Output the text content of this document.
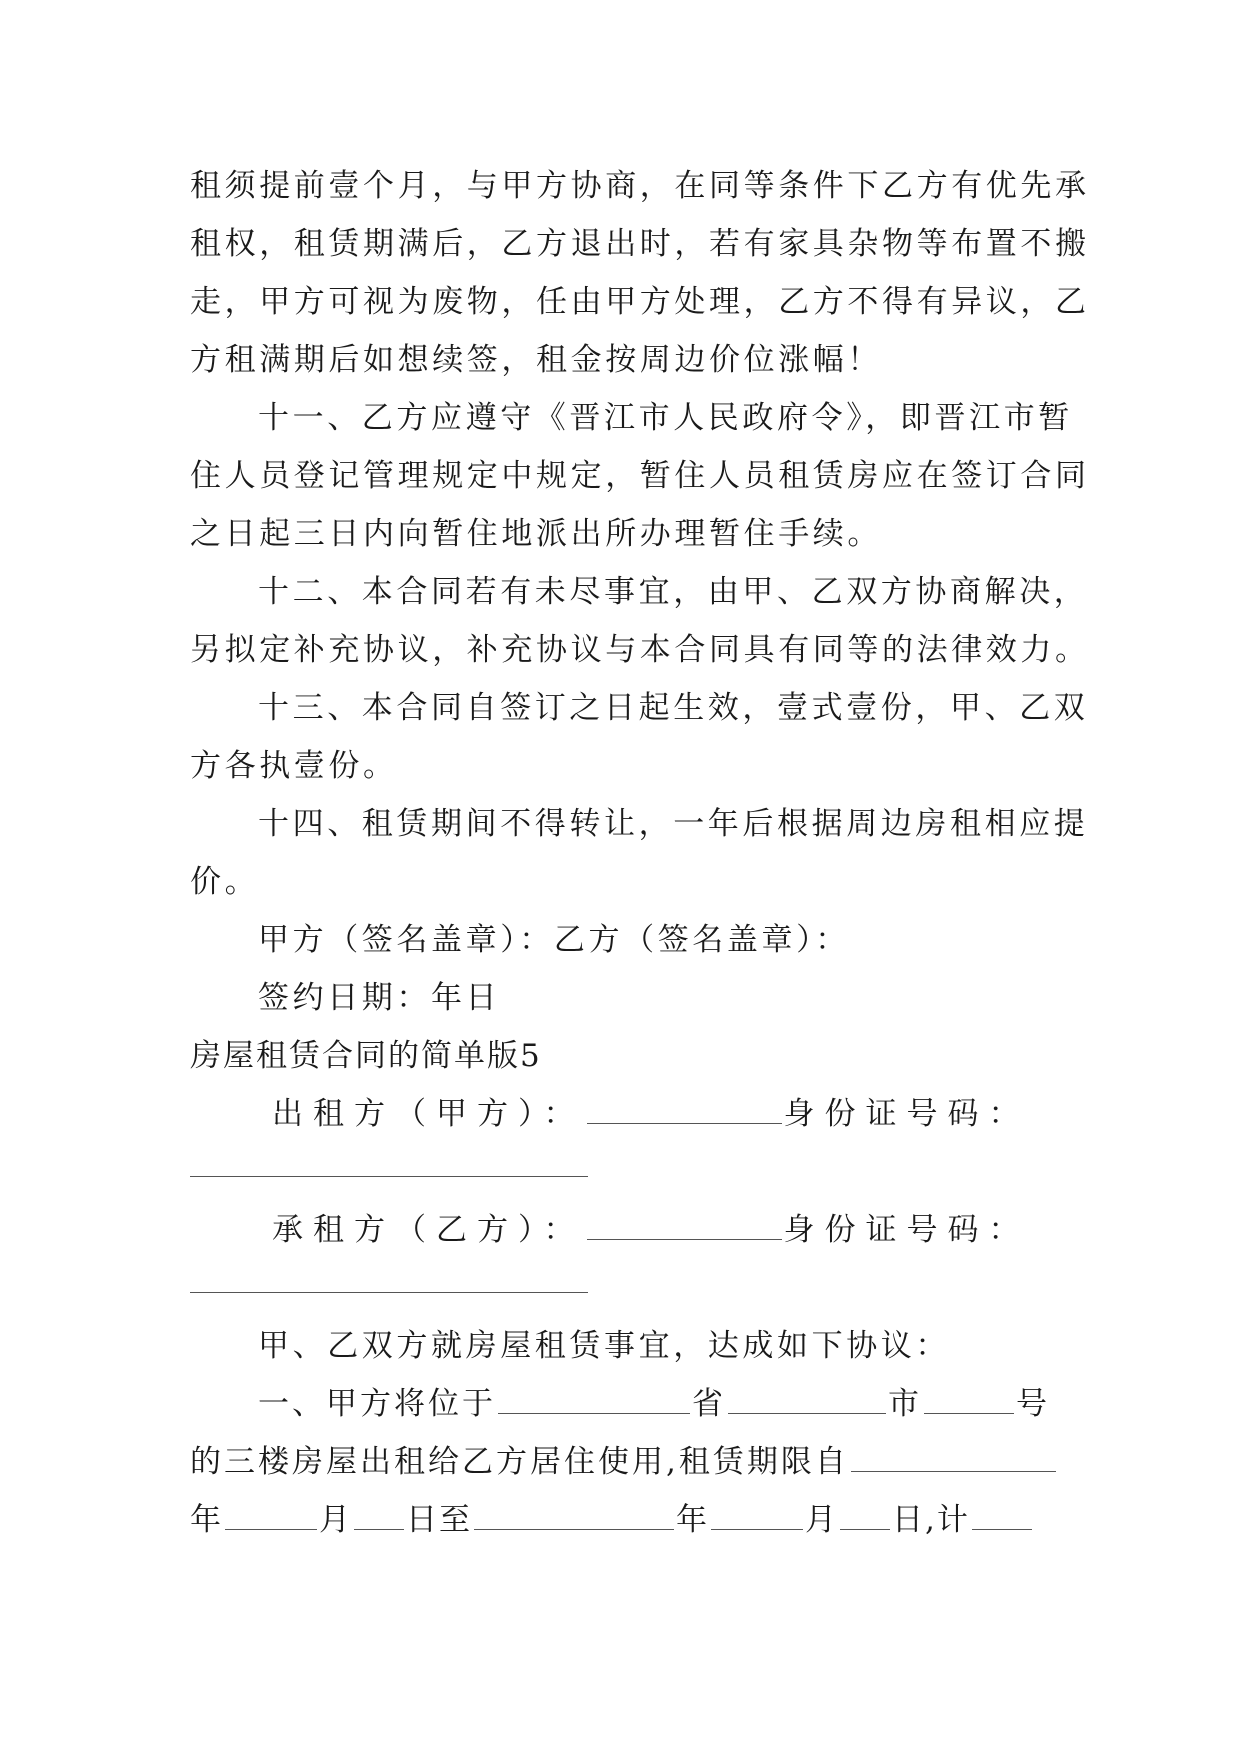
租须提前壹个月，与甲方协商，在同等条件下乙方有优先承
租权，租赁期满后，乙方退出时，若有家具杂物等布置不搬
走，甲方可视为废物，任由甲方处理，乙方不得有异议，乙
方租满期后如想续签，租金按周边价位涨幅！
十一、乙方应遵守《晋江市人民政府令》，即晋江市暂
住人员登记管理规定中规定，暂住人员租赁房应在签订合同
之日起三日内向暂住地派出所办理暂住手续。
十二、本合同若有未尽事宜，由甲、乙双方协商解决，
另拟定补充协议，补充协议与本合同具有同等的法律效力。
十三、本合同自签订之日起生效，壹式壹份，甲、乙双
方各执壹份。
十四、租赁期间不得转让，一年后根据周边房租相应提
价。
甲方（签名盖章）：乙方（签名盖章）：
签约日期：年日
房屋租赁合同的简单版5
出租方（甲方）：	身份证号码：
承租方（乙方）：	身份证号码：
甲、乙双方就房屋租赁事宜，达成如下协议：
一、甲方将位于	省	市	号
的三楼房屋出租给乙方居住使用,租赁期限自
年	月 日至	年	月 日,计
